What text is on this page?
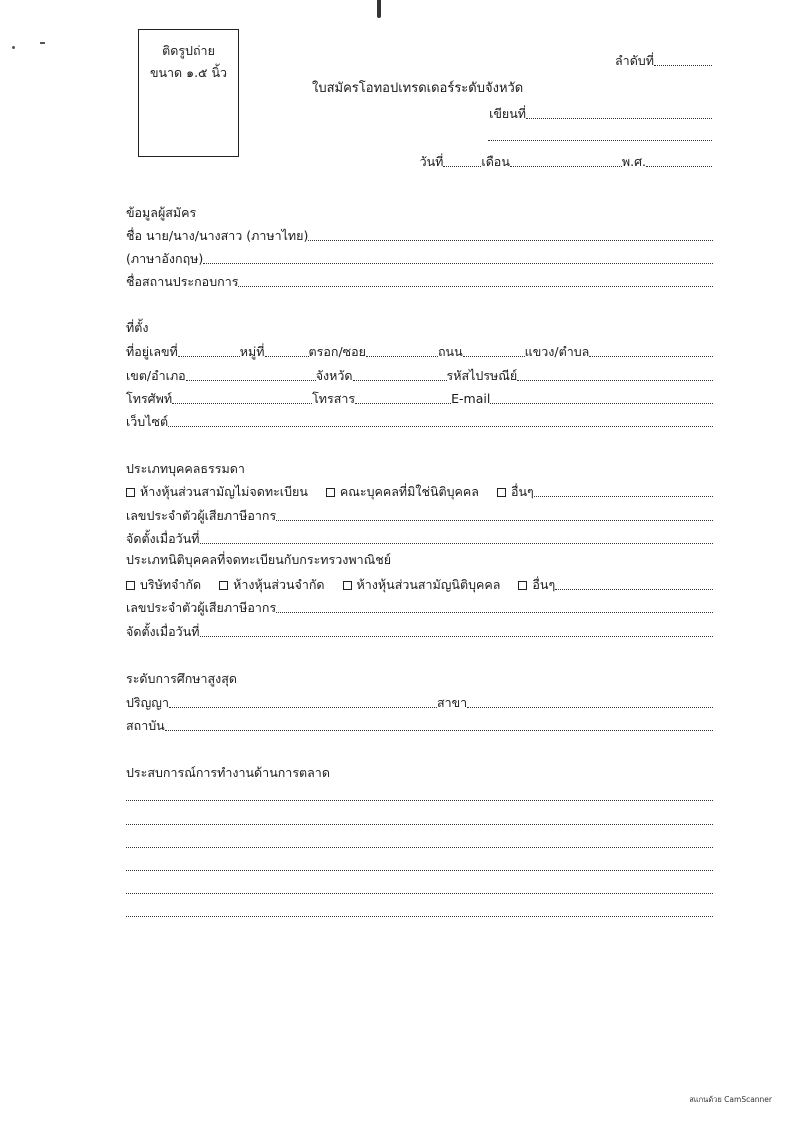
ติดรูปถ่าย
ขนาด ๑.๕ นิ้ว
ลำดับที่
ใบสมัครโอทอปเทรดเดอร์ระดับจังหวัด
เขียนที่
วันที่	เดือน	พ.ศ.
ข้อมูลผู้สมัคร
ชื่อ นาย/นาง/นางสาว (ภาษาไทย)
(ภาษาอังกฤษ)
ชื่อสถานประกอบการ
ที่ตั้ง
ที่อยู่เลขที่	หมู่ที่	ตรอก/ซอย	ถนน	แขวง/ตำบล
เขต/อำเภอ	จังหวัด	รหัสไปรษณีย์
โทรศัพท์	โทรสาร	E-mail
เว็บไซต์
ประเภทบุคคลธรรมดา
ห้างหุ้นส่วนสามัญไม่จดทะเบียน	คณะบุคคลที่มิใช่นิติบุคคล	อื่นๆ
เลขประจำตัวผู้เสียภาษีอากร
จัดตั้งเมื่อวันที่
ประเภทนิติบุคคลที่จดทะเบียนกับกระทรวงพาณิชย์
บริษัทจำกัด	ห้างหุ้นส่วนจำกัด	ห้างหุ้นส่วนสามัญนิติบุคคล	อื่นๆ
เลขประจำตัวผู้เสียภาษีอากร
จัดตั้งเมื่อวันที่
ระดับการศึกษาสูงสุด
ปริญญา	สาขา
สถาบัน
ประสบการณ์การทำงานด้านการตลาด
สแกนด้วย CamScanner
